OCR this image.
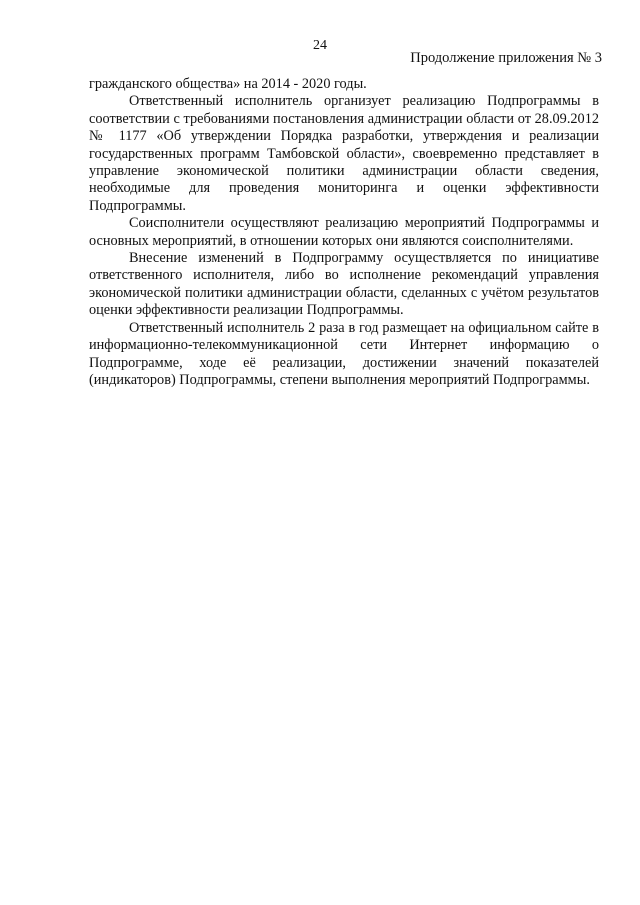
24
Продолжение приложения № 3

гражданского общества» на 2014 - 2020 годы.

Ответственный исполнитель организует реализацию Подпрограммы в соответствии с требованиями постановления администрации области от 28.09.2012 № 1177 «Об утверждении Порядка разработки, утверждения и реализации государственных программ Тамбовской области», своевременно представляет в управление экономической политики администрации области сведения, необходимые для проведения мониторинга и оценки эффективности Подпрограммы.

Соисполнители осуществляют реализацию мероприятий Подпрограммы и основных мероприятий, в отношении которых они являются соисполнителями.

Внесение изменений в Подпрограмму осуществляется по инициативе ответственного исполнителя, либо во исполнение рекомендаций управления экономической политики администрации области, сделанных с учётом результатов оценки эффективности реализации Подпрограммы.

Ответственный исполнитель 2 раза в год размещает на официальном сайте в информационно-телекоммуникационной сети Интернет информацию о Подпрограмме, ходе её реализации, достижении значений показателей (индикаторов) Подпрограммы, степени выполнения мероприятий Подпрограммы.
